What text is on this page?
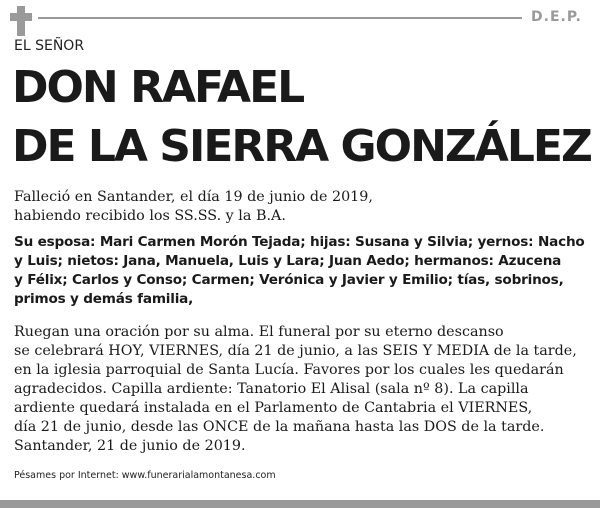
D.E.P.
EL SEÑOR
DON RAFAEL
DE LA SIERRA GONZÁLEZ
Falleció en Santander, el día 19 de junio de 2019,
habiendo recibido los SS.SS. y la B.A.
Su esposa: Mari Carmen Morón Tejada; hijas: Susana y Silvia; yernos: Nacho
y Luis; nietos: Jana, Manuela, Luis y Lara; Juan Aedo; hermanos: Azucena
y Félix; Carlos y Conso; Carmen; Verónica y Javier y Emilio; tías, sobrinos,
primos y demás familia,
Ruegan una oración por su alma. El funeral por su eterno descanso
se celebrará HOY, VIERNES, día 21 de junio, a las SEIS Y MEDIA de la tarde,
en la iglesia parroquial de Santa Lucía. Favores por los cuales les quedarán
agradecidos. Capilla ardiente: Tanatorio El Alisal (sala nº 8). La capilla
ardiente quedará instalada en el Parlamento de Cantabria el VIERNES,
día 21 de junio, desde las ONCE de la mañana hasta las DOS de la tarde.
Santander, 21 de junio de 2019.
Pésames por Internet: www.funerarialamontanesa.com
